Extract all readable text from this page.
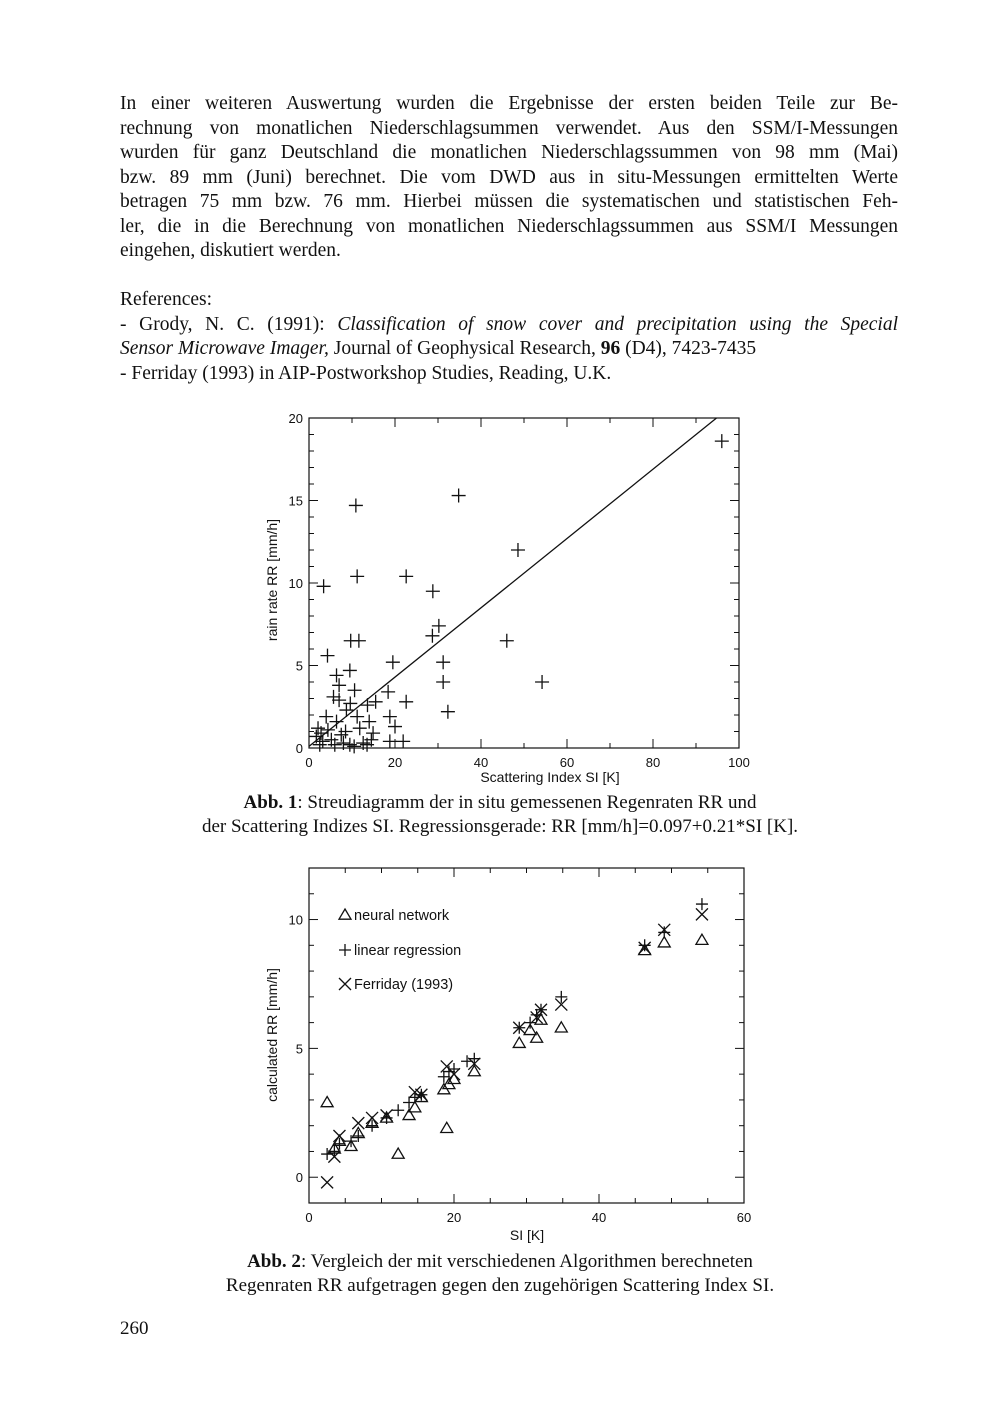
In einer weiteren Auswertung wurden die Ergebnisse der ersten beiden Teile zur Be-
rechnung von monatlichen Niederschlagsummen verwendet. Aus den SSM/I-Messungen
wurden für ganz Deutschland die monatlichen Niederschlagssummen von 98 mm (Mai)
bzw. 89 mm (Juni) berechnet. Die vom DWD aus in situ-Messungen ermittelten Werte
betragen 75 mm bzw. 76 mm. Hierbei müssen die systematischen und statistischen Feh-
ler, die in die Berechnung von monatlichen Niederschlagssummen aus SSM/I Messungen
eingehen, diskutiert werden.
References:
- Grody, N. C. (1991): Classification of snow cover and precipitation using the Special
Sensor Microwave Imager, Journal of Geophysical Research, 96 (D4), 7423-7435
- Ferriday (1993) in AIP-Postworkshop Studies, Reading, U.K.
0	20	40	60	80	100
0
5
10
15
20
0	20	40	60
0
5
10	neural network
linear regression
Ferriday (1993)
Scattering Index SI [K]
rain rate RR [mm/h]
SI [K]
calculated RR [mm/h]
Abb. 1: Streudiagramm der in situ gemessenen Regenraten RR und
der Scattering Indizes SI. Regressionsgerade: RR [mm/h]=0.097+0.21*SI [K].
Abb. 2: Vergleich der mit verschiedenen Algorithmen berechneten
Regenraten RR aufgetragen gegen den zugehörigen Scattering Index SI.
260
